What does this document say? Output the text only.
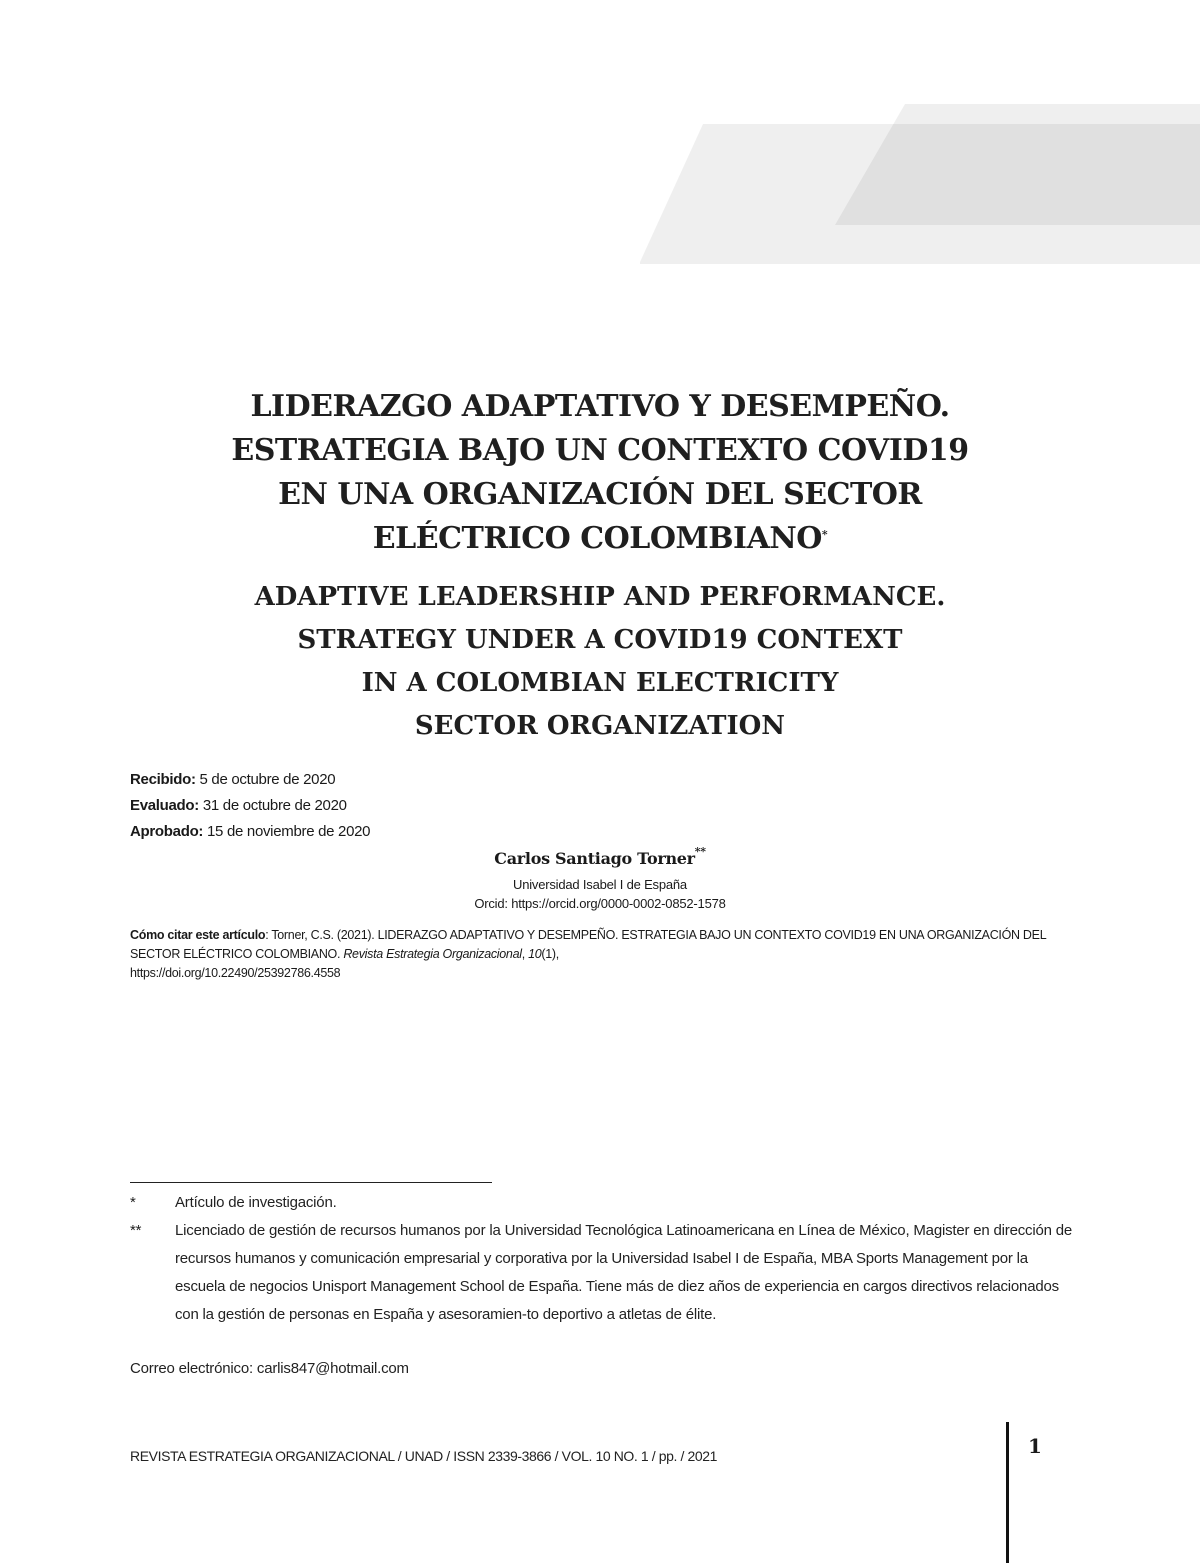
LIDERAZGO ADAPTATIVO Y DESEMPEÑO.
ESTRATEGIA BAJO UN CONTEXTO COVID19
EN UNA ORGANIZACIÓN DEL SECTOR
ELÉCTRICO COLOMBIANO*
ADAPTIVE LEADERSHIP AND PERFORMANCE.
STRATEGY UNDER A COVID19 CONTEXT
IN A COLOMBIAN ELECTRICITY
SECTOR ORGANIZATION
Recibido: 5 de octubre de 2020
Evaluado: 31 de octubre de 2020
Aprobado: 15 de noviembre de 2020
Carlos Santiago Torner**
Universidad Isabel I de España
Orcid: https://orcid.org/0000-0002-0852-1578
Cómo citar este artículo: Torner, C.S. (2021). LIDERAZGO ADAPTATIVO Y DESEMPEÑO. ESTRATEGIA BAJO UN CONTEXTO COVID19 EN UNA ORGANIZACIÓN DEL SECTOR ELÉCTRICO COLOMBIANO. Revista Estrategia Organizacional, 10(1),
https://doi.org/10.22490/25392786.4558
*	Artículo de investigación.
** Licenciado de gestión de recursos humanos por la Universidad Tecnológica Latinoamericana en Línea de México, Magister en dirección de recursos humanos y comunicación empresarial y corporativa por la Universidad Isabel I de España, MBA Sports Management por la escuela de negocios Unisport Management School de España. Tiene más de diez años de experiencia en cargos directivos relacionados con la gestión de personas en España y asesoramien-to deportivo a atletas de élite.
Correo electrónico: carlis847@hotmail.com
REVISTA ESTRATEGIA ORGANIZACIONAL / UNAD / ISSN 2339-3866 / VOL. 10 NO. 1 / pp. / 2021	1
